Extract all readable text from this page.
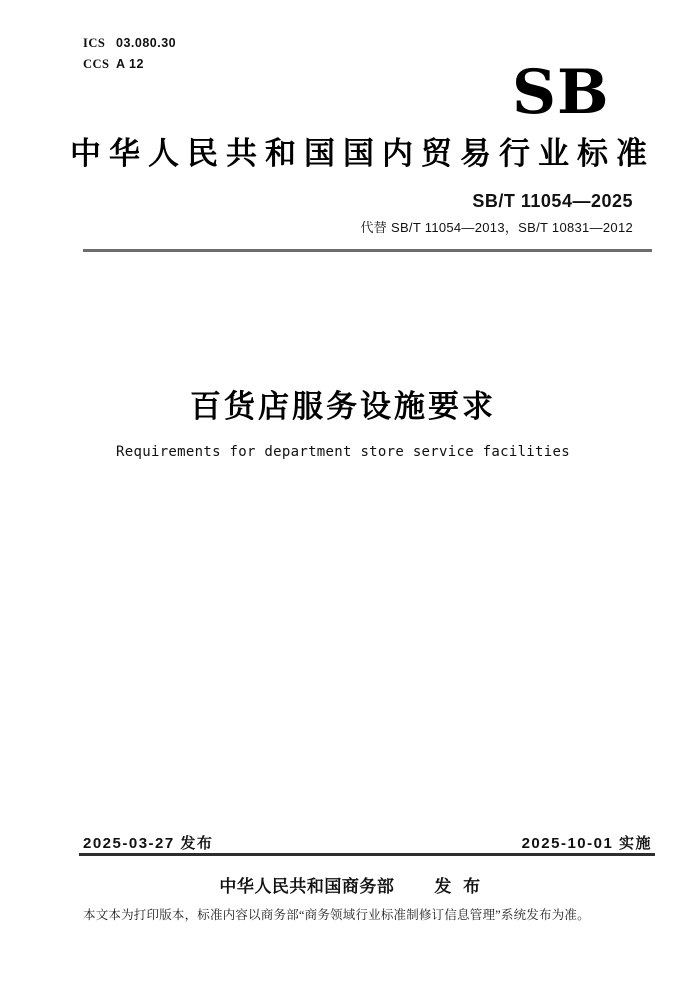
ICS 03.080.30
CCS A 12	SB
中华人民共和国国内贸易行业标准
SB/T 11054—2025
代替 SB/T 11054—2013，SB/T 10831—2012
百货店服务设施要求
Requirements for department store service facilities
2025-03-27 发布	2025-10-01 实施
中华人民共和国商务部 发 布
本文本为打印版本，标准内容以商务部“商务领域行业标准制修订信息管理”系统发布为准。
